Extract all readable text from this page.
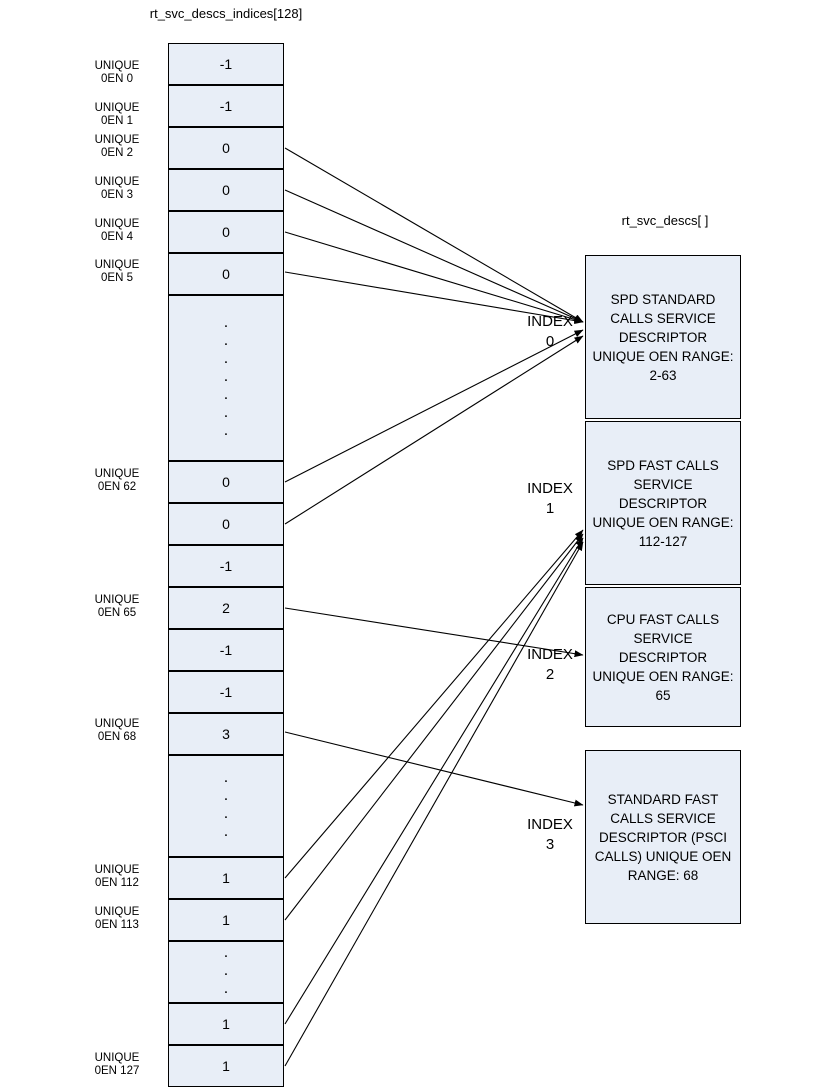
rt_svc_descs_indices[128]
rt_svc_descs[ ]
UNIQUE
0EN 0
UNIQUE
0EN 1
UNIQUE
0EN 2
UNIQUE
0EN 3
UNIQUE
0EN 4
UNIQUE
0EN 5
UNIQUE
0EN 62
UNIQUE
0EN 65
UNIQUE
0EN 68
UNIQUE
0EN 112
UNIQUE
0EN 113
UNIQUE
0EN 127
-1
-1
0
0
0
0
.
.
.
.
.
.
.
0
0
-1
2
-1
-1
3
.
.
.
.
1
1
.
.
.
1
1
SPD STANDARD CALLS SERVICE DESCRIPTOR UNIQUE OEN RANGE: 2-63
SPD FAST CALLS SERVICE DESCRIPTOR UNIQUE OEN RANGE: 112-127
CPU FAST CALLS SERVICE DESCRIPTOR UNIQUE OEN RANGE: 65
STANDARD FAST CALLS SERVICE DESCRIPTOR (PSCI CALLS) UNIQUE OEN RANGE: 68
INDEX
0
INDEX
1
INDEX
2
INDEX
3
